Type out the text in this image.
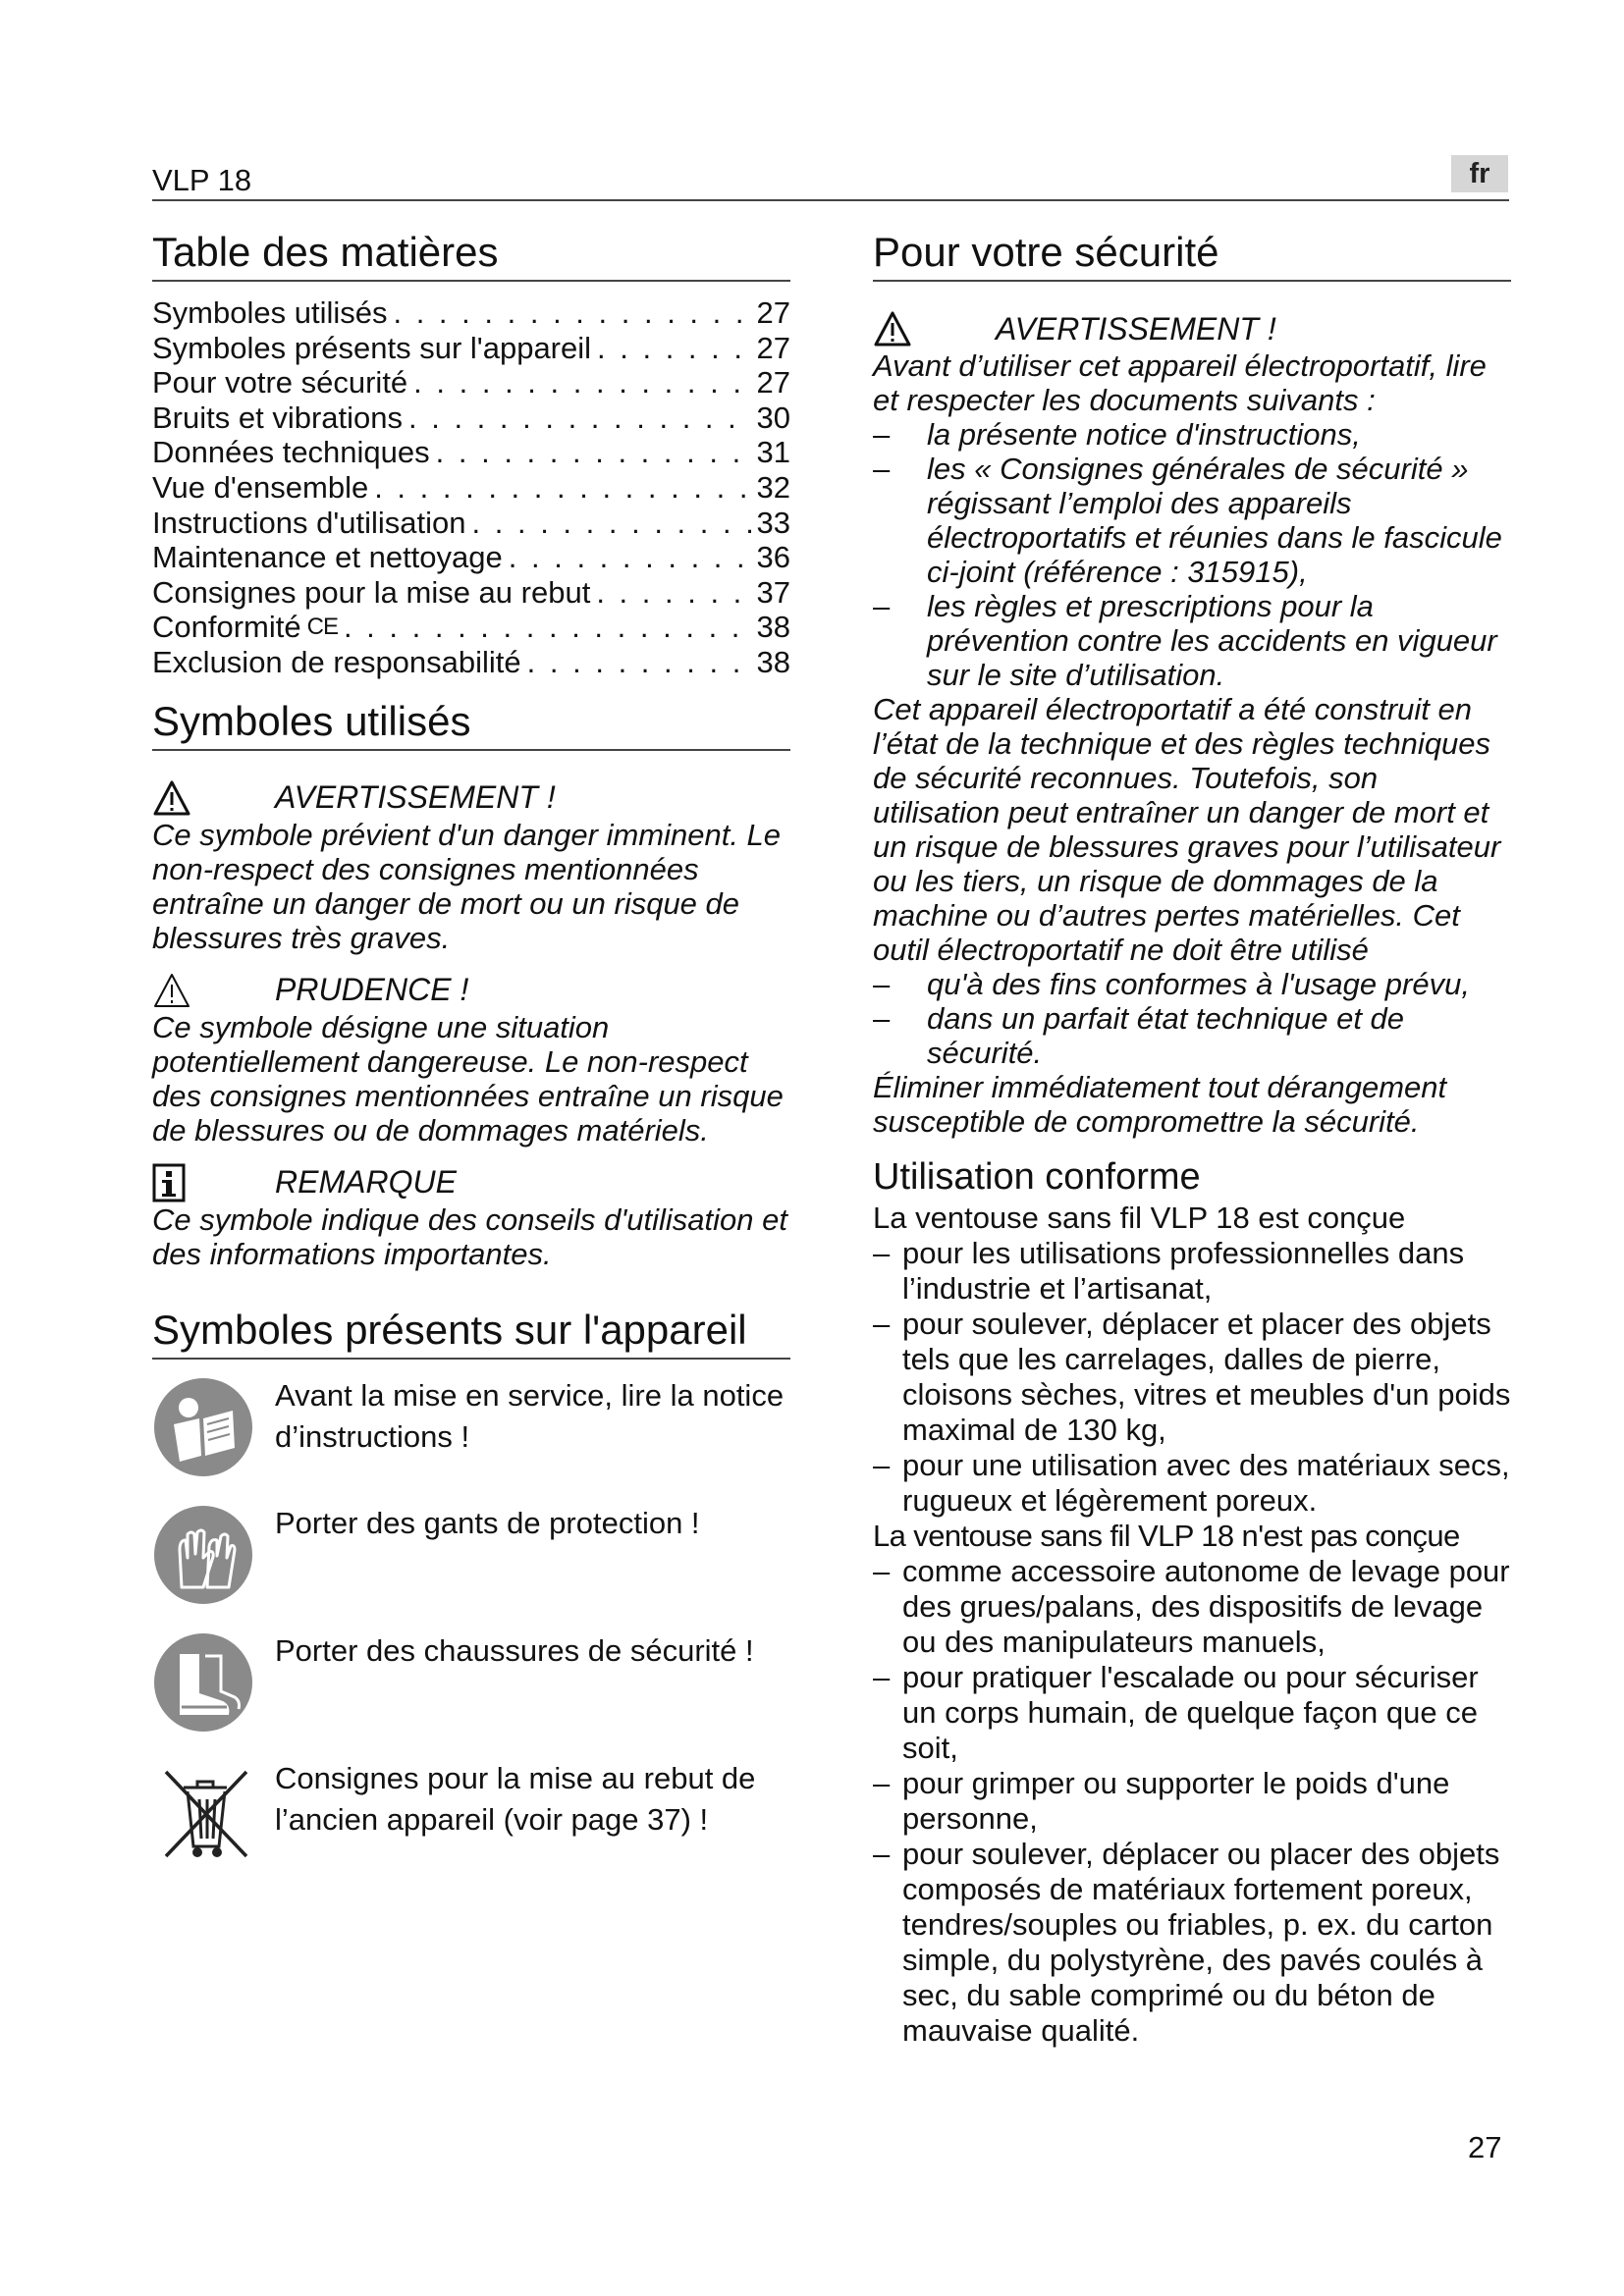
VLP 18	fr
Table des matières
Symboles utilisés . . .	27
Symboles présents sur l'appareil . . .	27
Pour votre sécurité . . .	27
Bruits et vibrations . . .	30
Données techniques . . .	31
Vue d'ensemble . . .	32
Instructions d'utilisation . . .	33
Maintenance et nettoyage . . .	36
Consignes pour la mise au rebut . . .	37
Conformité CE . . .	38
Exclusion de responsabilité . . .	38
Symboles utilisés
AVERTISSEMENT !

Ce symbole prévient d'un danger imminent. Le non-respect des consignes mentionnées entraîne un danger de mort ou un risque de blessures très graves.

PRUDENCE !

Ce symbole désigne une situation potentiellement dangereuse. Le non-respect des consignes mentionnées entraîne un risque de blessures ou de dommages matériels.

REMARQUE

Ce symbole indique des conseils d'utilisation et des informations importantes.

Symboles présents sur l'appareil
Avant la mise en service, lire la notice d’instructions !
Porter des gants de protection !
Porter des chaussures de sécurité !
Consignes pour la mise au rebut de l’ancien appareil (voir page 37) !
Pour votre sécurité
AVERTISSEMENT !

Avant d’utiliser cet appareil électroportatif, lire et respecter les documents suivants :

– la présente notice d'instructions,
– les « Consignes générales de sécurité » régissant l’emploi des appareils électroportatifs et réunies dans le fascicule ci-joint (référence : 315915),
– les règles et prescriptions pour la prévention contre les accidents en vigueur sur le site d’utilisation.

Cet appareil électroportatif a été construit en l’état de la technique et des règles techniques de sécurité reconnues. Toutefois, son utilisation peut entraîner un danger de mort et un risque de blessures graves pour l’utilisateur ou les tiers, un risque de dommages de la machine ou d’autres pertes matérielles. Cet outil électroportatif ne doit être utilisé

– qu'à des fins conformes à l'usage prévu,
– dans un parfait état technique et de sécurité.

Éliminer immédiatement tout dérangement susceptible de compromettre la sécurité.

Utilisation conforme

La ventouse sans fil VLP 18 est conçue

– pour les utilisations professionnelles dans l’industrie et l’artisanat,
– pour soulever, déplacer et placer des objets tels que les carrelages, dalles de pierre, cloisons sèches, vitres et meubles d'un poids maximal de 130 kg,
– pour une utilisation avec des matériaux secs, rugueux et légèrement poreux.

La ventouse sans fil VLP 18 n'est pas conçue

– comme accessoire autonome de levage pour des grues/palans, des dispositifs de levage ou des manipulateurs manuels,
– pour pratiquer l'escalade ou pour sécuriser un corps humain, de quelque façon que ce soit,
– pour grimper ou supporter le poids d'une personne,
– pour soulever, déplacer ou placer des objets composés de matériaux fortement poreux, tendres/souples ou friables, p. ex. du carton simple, du polystyrène, des pavés coulés à sec, du sable comprimé ou du béton de mauvaise qualité.
27
